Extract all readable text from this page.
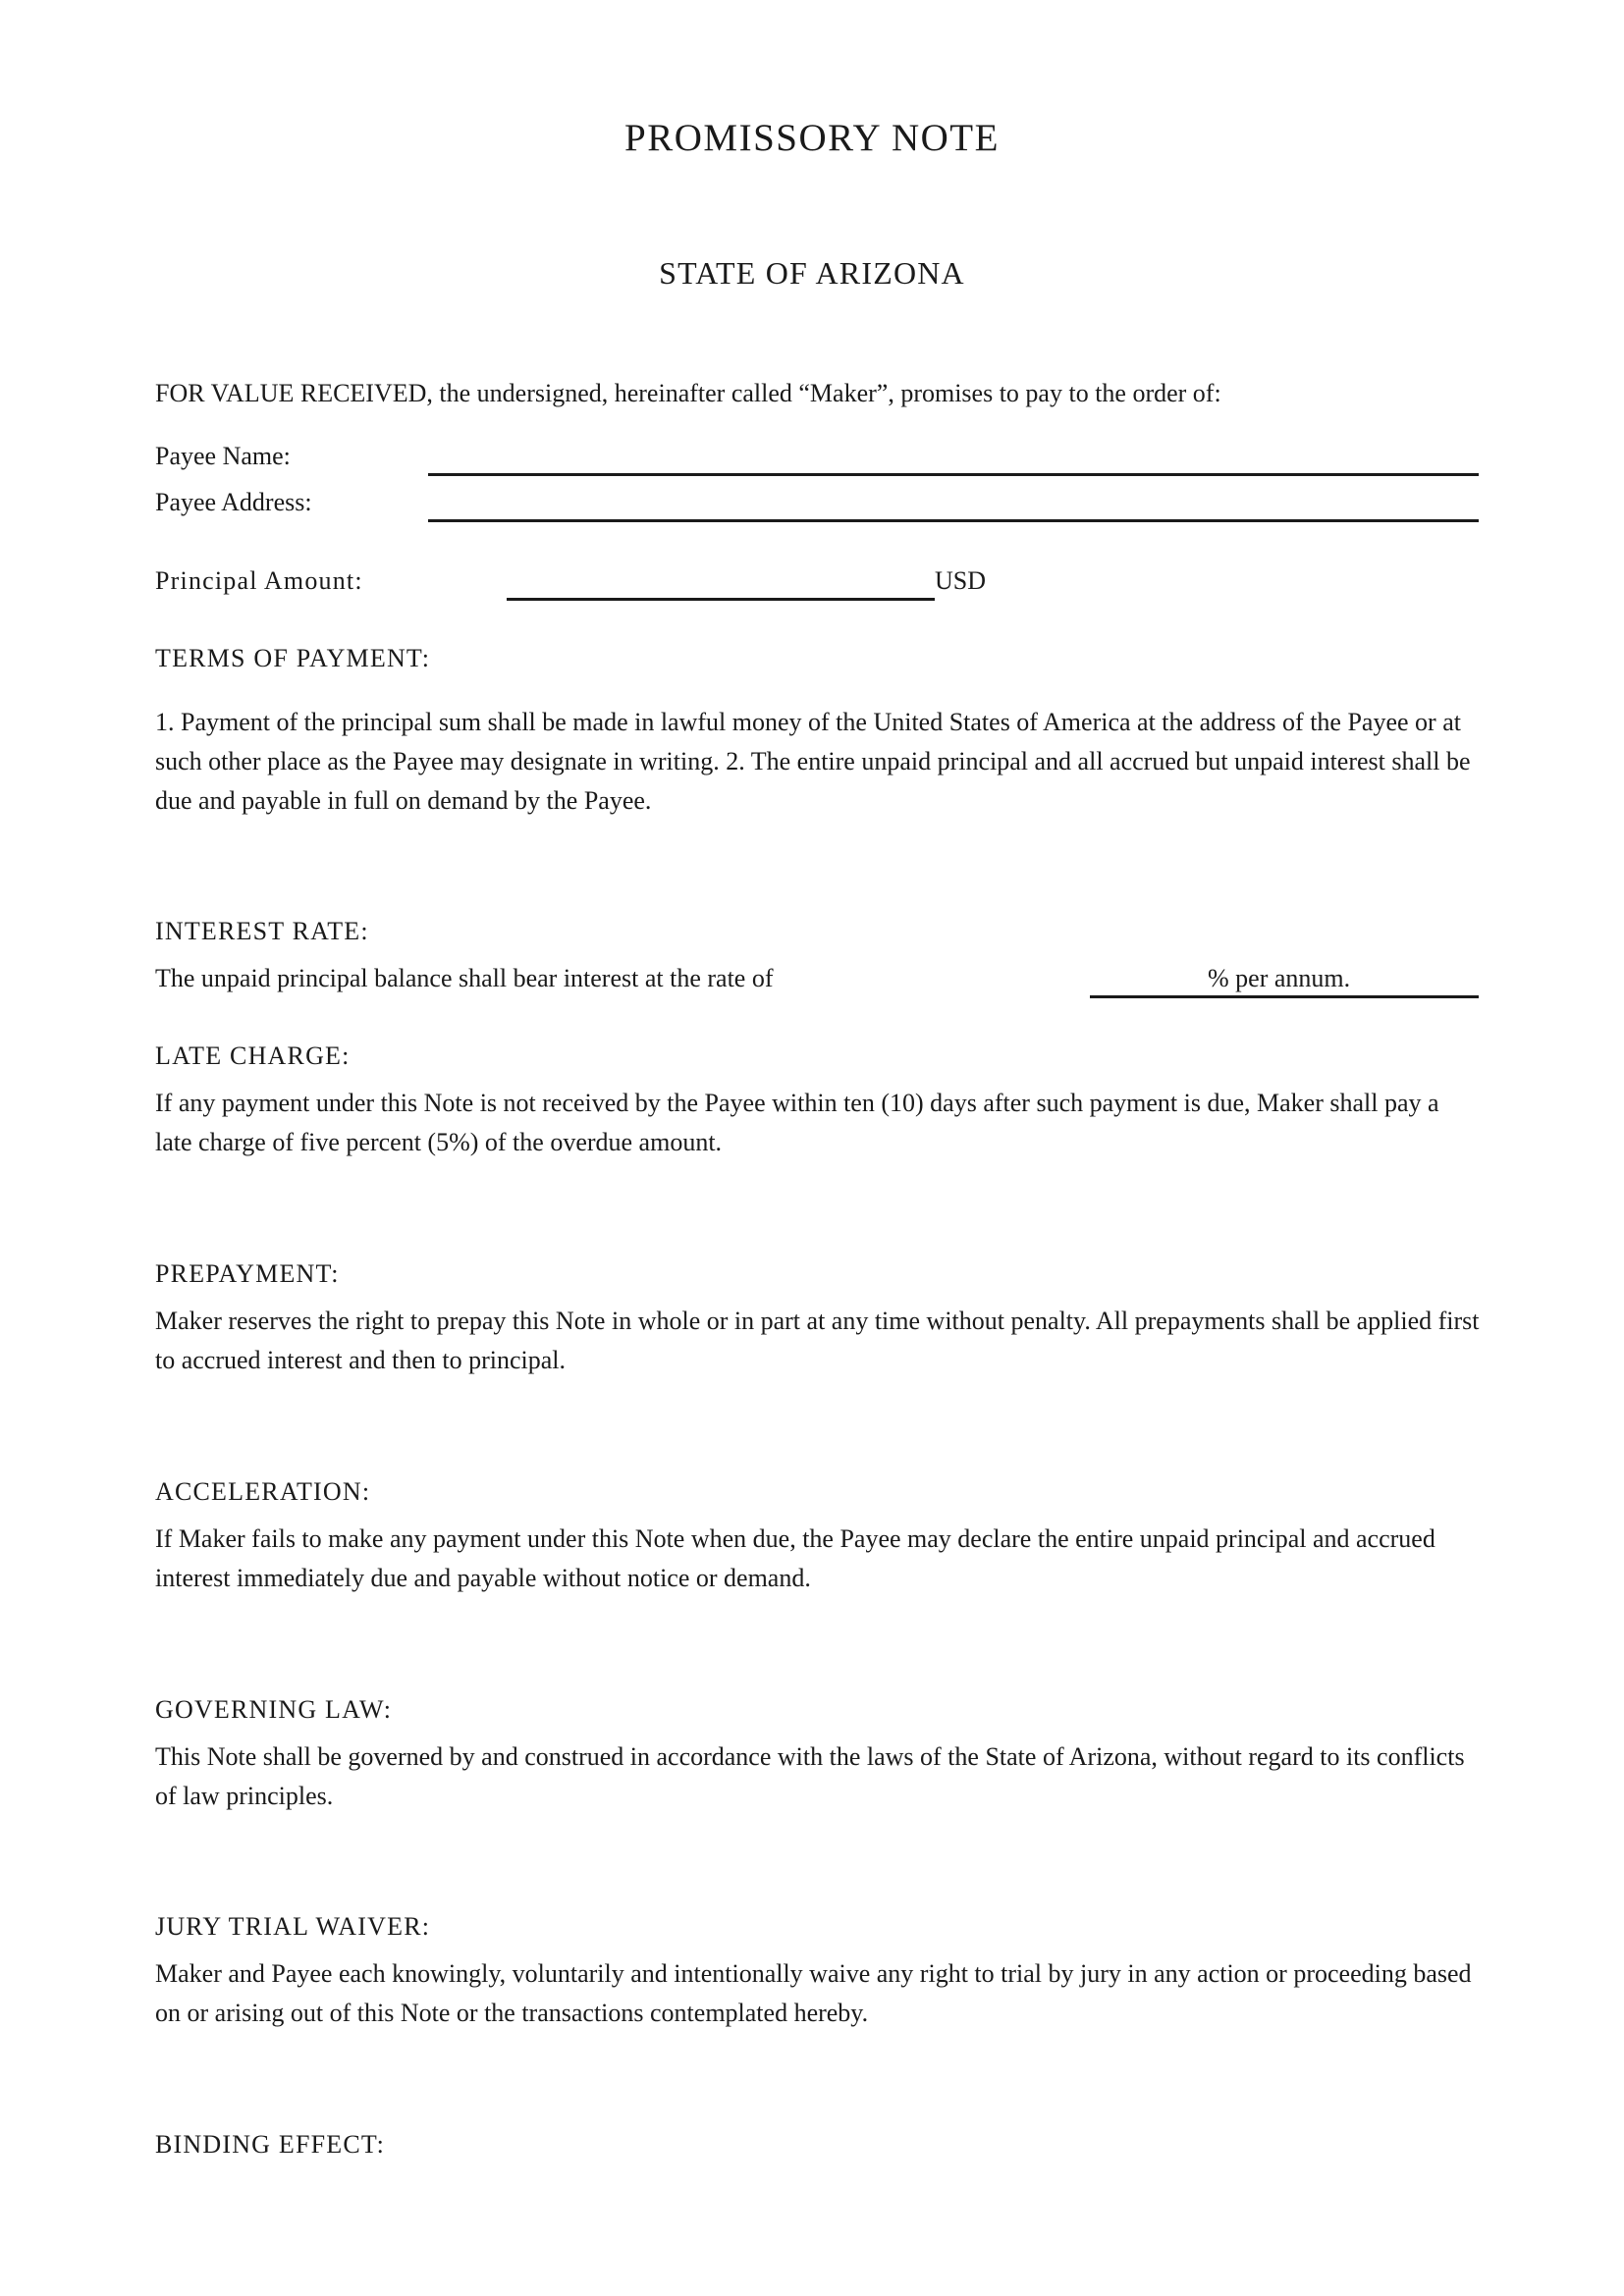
PROMISSORY NOTE
STATE OF ARIZONA
FOR VALUE RECEIVED, the undersigned, hereinafter called “Maker”, promises to pay to the order of:
Payee Name:
Payee Address:
Principal Amount:	USD
TERMS OF PAYMENT:
1. Payment of the principal sum shall be made in lawful money of the United States of America at the address of the Payee or at such other place as the Payee may designate in writing. 2. The entire unpaid principal and all accrued but unpaid interest shall be due and payable in full on demand by the Payee.
INTEREST RATE:
The unpaid principal balance shall bear interest at the rate of	% per annum.
LATE CHARGE:
If any payment under this Note is not received by the Payee within ten (10) days after such payment is due, Maker shall pay a late charge of five percent (5%) of the overdue amount.
PREPAYMENT:
Maker reserves the right to prepay this Note in whole or in part at any time without penalty. All prepayments shall be applied first to accrued interest and then to principal.
ACCELERATION:
If Maker fails to make any payment under this Note when due, the Payee may declare the entire unpaid principal and accrued interest immediately due and payable without notice or demand.
GOVERNING LAW:
This Note shall be governed by and construed in accordance with the laws of the State of Arizona, without regard to its conflicts of law principles.
JURY TRIAL WAIVER:
Maker and Payee each knowingly, voluntarily and intentionally waive any right to trial by jury in any action or proceeding based on or arising out of this Note or the transactions contemplated hereby.
BINDING EFFECT:
